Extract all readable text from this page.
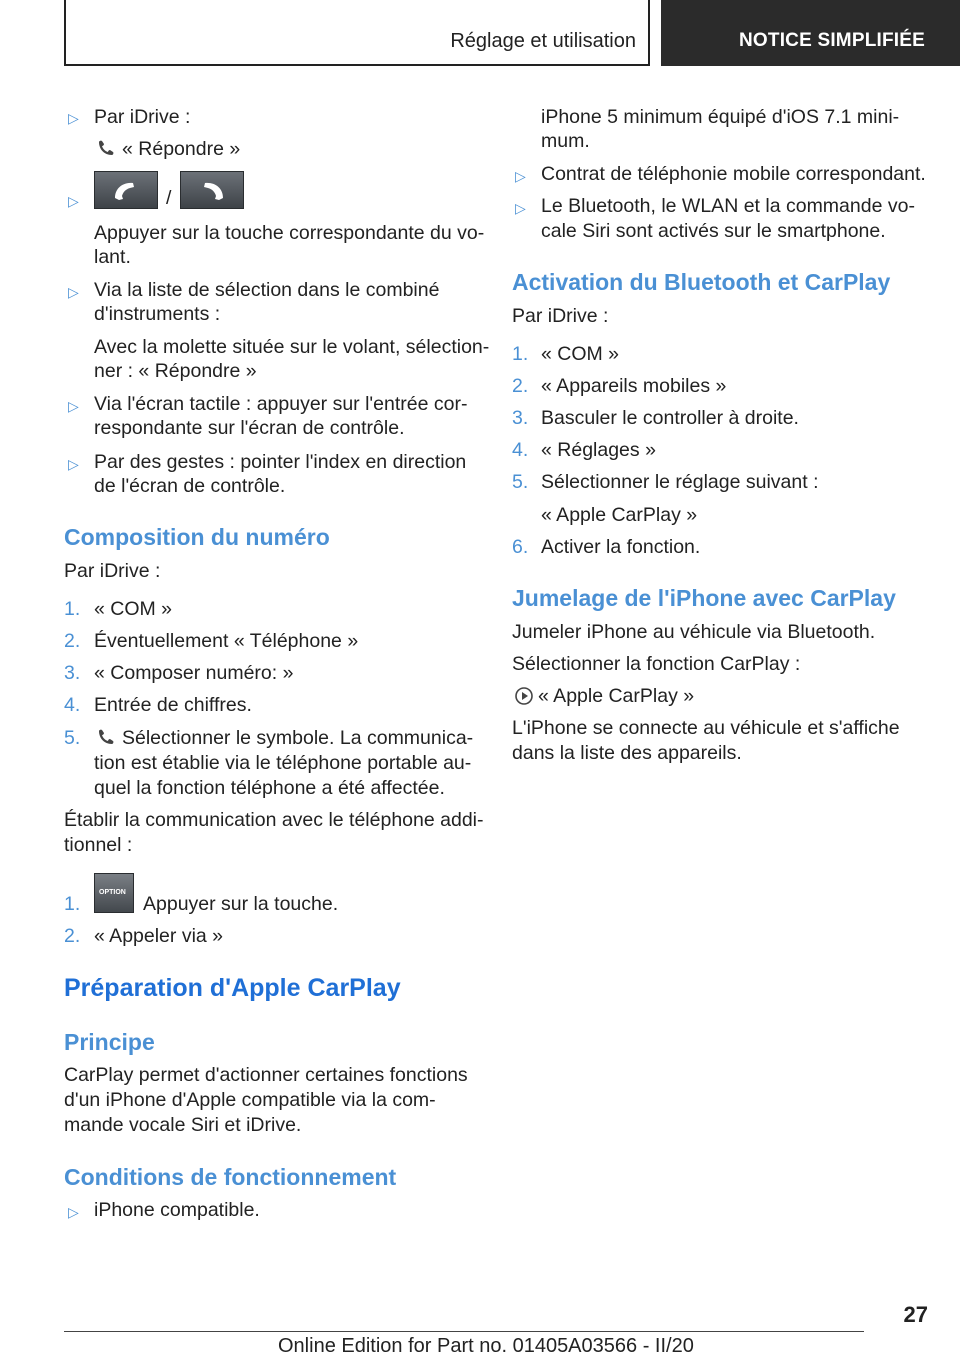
Réglage et utilisation	NOTICE SIMPLIFIÉE
▷ Par iDrive :
« Répondre »
▷	/
Appuyer sur la touche correspondante du vo-
lant.
▷ Via la liste de sélection dans le combiné
d'instruments :
Avec la molette située sur le volant, sélection-
ner : « Répondre »
▷ Via l'écran tactile : appuyer sur l'entrée cor-
respondante sur l'écran de contrôle.
▷ Par des gestes : pointer l'index en direction
de l'écran de contrôle.
Composition du numéro
Par iDrive :
1. « COM »
2. Éventuellement « Téléphone »
3. « Composer numéro: »
4. Entrée de chiffres.
5. Sélectionner le symbole. La communica-
tion est établie via le téléphone portable au-
quel la fonction téléphone a été affectée.
Établir la communication avec le téléphone addi-
tionnel :
1.
OPTION
Appuyer sur la touche.
2. « Appeler via »
Préparation d'Apple CarPlay
Principe
CarPlay permet d'actionner certaines fonctions
d'un iPhone d'Apple compatible via la com-
mande vocale Siri et iDrive.
Conditions de fonctionnement
▷ iPhone compatible.
iPhone 5 minimum équipé d'iOS 7.1 mini-
mum.
▷ Contrat de téléphonie mobile correspondant.
▷ Le Bluetooth, le WLAN et la commande vo-
cale Siri sont activés sur le smartphone.
Activation du Bluetooth et CarPlay
Par iDrive :
1. « COM »
2. « Appareils mobiles »
3. Basculer le controller à droite.
4. « Réglages »
5. Sélectionner le réglage suivant :
« Apple CarPlay »
6. Activer la fonction.
Jumelage de l'iPhone avec CarPlay
Jumeler iPhone au véhicule via Bluetooth.
Sélectionner la fonction CarPlay :
« Apple CarPlay »
L'iPhone se connecte au véhicule et s'affiche
dans la liste des appareils.
27
Online Edition for Part no. 01405A03566 - II/20
